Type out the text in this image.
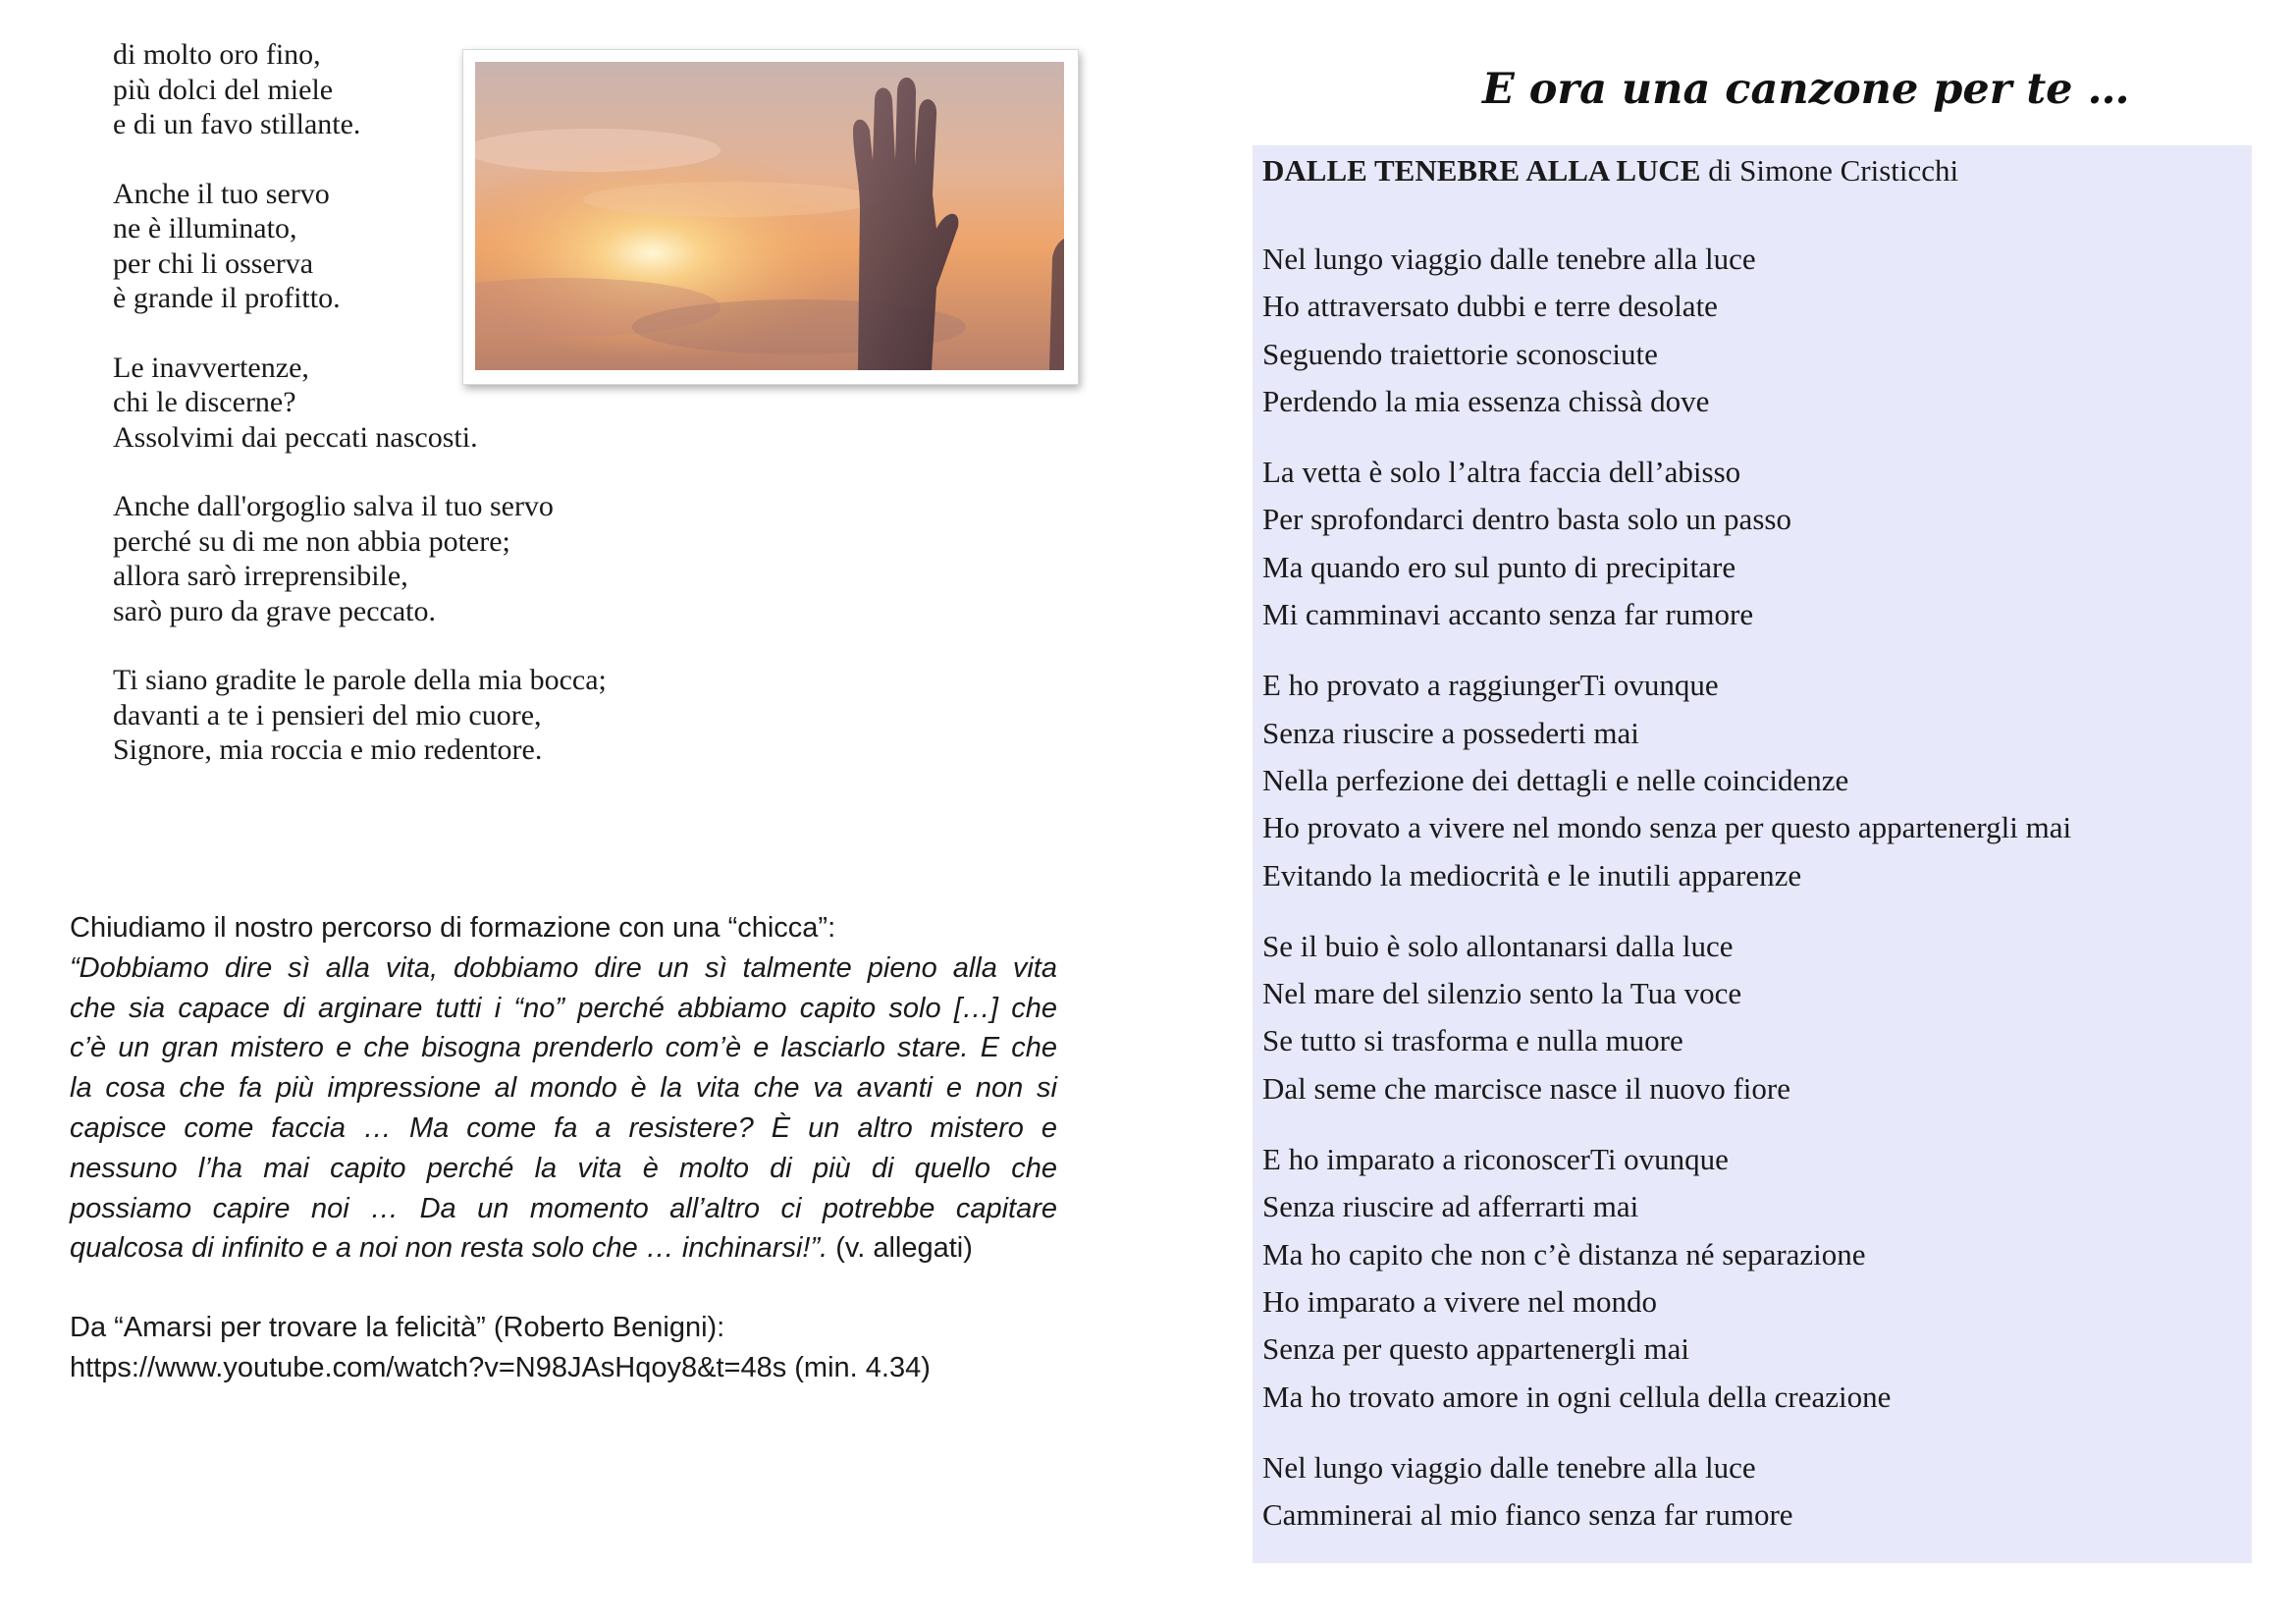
di molto oro fino,
più dolci del miele
e di un favo stillante.
Anche il tuo servo
ne è illuminato,
per chi li osserva
è grande il profitto.
Le inavvertenze,
chi le discerne?
Assolvimi dai peccati nascosti.
Anche dall'orgoglio salva il tuo servo
perché su di me non abbia potere;
allora sarò irreprensibile,
sarò puro da grave peccato.
Ti siano gradite le parole della mia bocca;
davanti a te i pensieri del mio cuore,
Signore, mia roccia e mio redentore.
Chiudiamo il nostro percorso di formazione con una “chicca”:
“Dobbiamo dire sì alla vita, dobbiamo dire un sì talmente pieno alla vita
che sia capace di arginare tutti i “no” perché abbiamo capito solo […] che
c’è un gran mistero e che bisogna prenderlo com’è e lasciarlo stare. E che
la cosa che fa più impressione al mondo è la vita che va avanti e non si
capisce come faccia … Ma come fa a resistere? È un altro mistero e
nessuno l’ha mai capito perché la vita è molto di più di quello che
possiamo capire noi … Da un momento all’altro ci potrebbe capitare
qualcosa di infinito e a noi non resta solo che … inchinarsi!”. (v. allegati)
Da “Amarsi per trovare la felicità” (Roberto Benigni):
https://www.youtube.com/watch?v=N98JAsHqoy8&t=48s (min. 4.34)
E ora una canzone per te …
DALLE TENEBRE ALLA LUCE di Simone Cristicchi
Nel lungo viaggio dalle tenebre alla luce
Ho attraversato dubbi e terre desolate
Seguendo traiettorie sconosciute
Perdendo la mia essenza chissà dove
La vetta è solo l’altra faccia dell’abisso
Per sprofondarci dentro basta solo un passo
Ma quando ero sul punto di precipitare
Mi camminavi accanto senza far rumore
E ho provato a raggiungerTi ovunque
Senza riuscire a possederti mai
Nella perfezione dei dettagli e nelle coincidenze
Ho provato a vivere nel mondo senza per questo appartenergli mai
Evitando la mediocrità e le inutili apparenze
Se il buio è solo allontanarsi dalla luce
Nel mare del silenzio sento la Tua voce
Se tutto si trasforma e nulla muore
Dal seme che marcisce nasce il nuovo fiore
E ho imparato a riconoscerTi ovunque
Senza riuscire ad afferrarti mai
Ma ho capito che non c’è distanza né separazione
Ho imparato a vivere nel mondo
Senza per questo appartenergli mai
Ma ho trovato amore in ogni cellula della creazione
Nel lungo viaggio dalle tenebre alla luce
Camminerai al mio fianco senza far rumore
